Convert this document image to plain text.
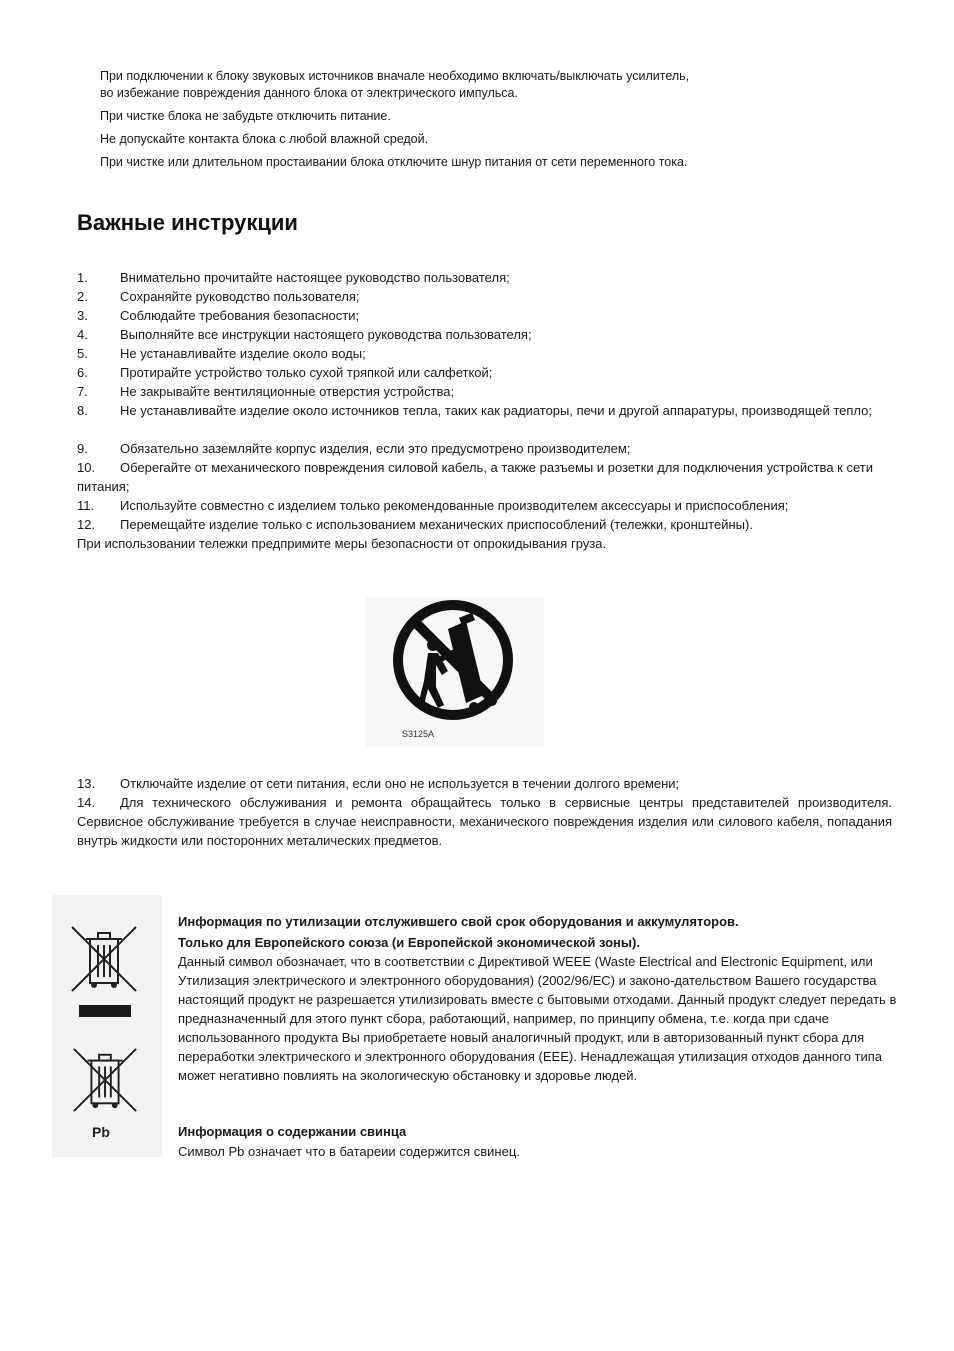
При подключении к блоку звуковых источников вначале необходимо включать/выключать усилитель,
во избежание повреждения данного блока от электрического импульса.
При чистке блока не забудьте отключить питание.
Не допускайте контакта блока с любой влажной средой.
При чистке или длительном простаивании блока отключите шнур питания от сети переменного тока.
Важные инструкции
1. Внимательно прочитайте настоящее руководство пользователя;
2. Сохраняйте руководство пользователя;
3. Соблюдайте требования безопасности;
4. Выполняйте все инструкции настоящего руководства пользователя;
5. Не устанавливайте изделие около воды;
6. Протирайте устройство только сухой тряпкой или салфеткой;
7. Не закрывайте вентиляционные отверстия устройства;
8. Не устанавливайте изделие около источников тепла, таких как радиаторы, печи и другой аппаратуры, производящей тепло;
9. Обязательно заземляйте корпус изделия, если это предусмотрено производителем;
10. Оберегайте от механического повреждения силовой кабель, а также разъемы и розетки для подключения устройства к сети питания;
11. Используйте совместно с изделием только рекомендованные производителем аксессуары и приспособления;
12. Перемещайте изделие только с использованием механических приспособлений (тележки, кронштейны).
При использовании тележки предпримите меры безопасности от опрокидывания груза.
S3125A
13. Отключайте изделие от сети питания, если оно не используется в течении долгого времени;
14. Для технического обслуживания и ремонта обращайтесь только в сервисные центры представителей производителя. Сервисное обслуживание требуется в случае неисправности, механического повреждения изделия или силового кабеля, попадания внутрь жидкости или посторонних металических предметов.
Pb
Информация по утилизации отслужившего свой срок оборудования и аккумуляторов.
Только для Европейского союза (и Европейской экономической зоны).
Данный символ обозначает, что в соответствии с Директивой WEEE (Waste Electrical and Electronic Equipment, или Утилизация электрического и электронного оборудования) (2002/96/EC) и законо-дательством Вашего государства настоящий продукт не разрешается утилизировать вместе с бытовыми отходами. Данный продукт следует передать в предназначенный для этого пункт сбора, работающий, например, по принципу обмена, т.е. когда при сдаче использованного продукта Вы приобретаете новый аналогичный продукт, или в авторизованный пункт сбора для переработки электрического и электронного оборудования (EEE). Ненадлежащая утилизация отходов данного типа может негативно повлиять на экологическую обстановку и здоровье людей.
Информация о содержании свинца
Символ Pb означает что в батареии содержится свинец.
